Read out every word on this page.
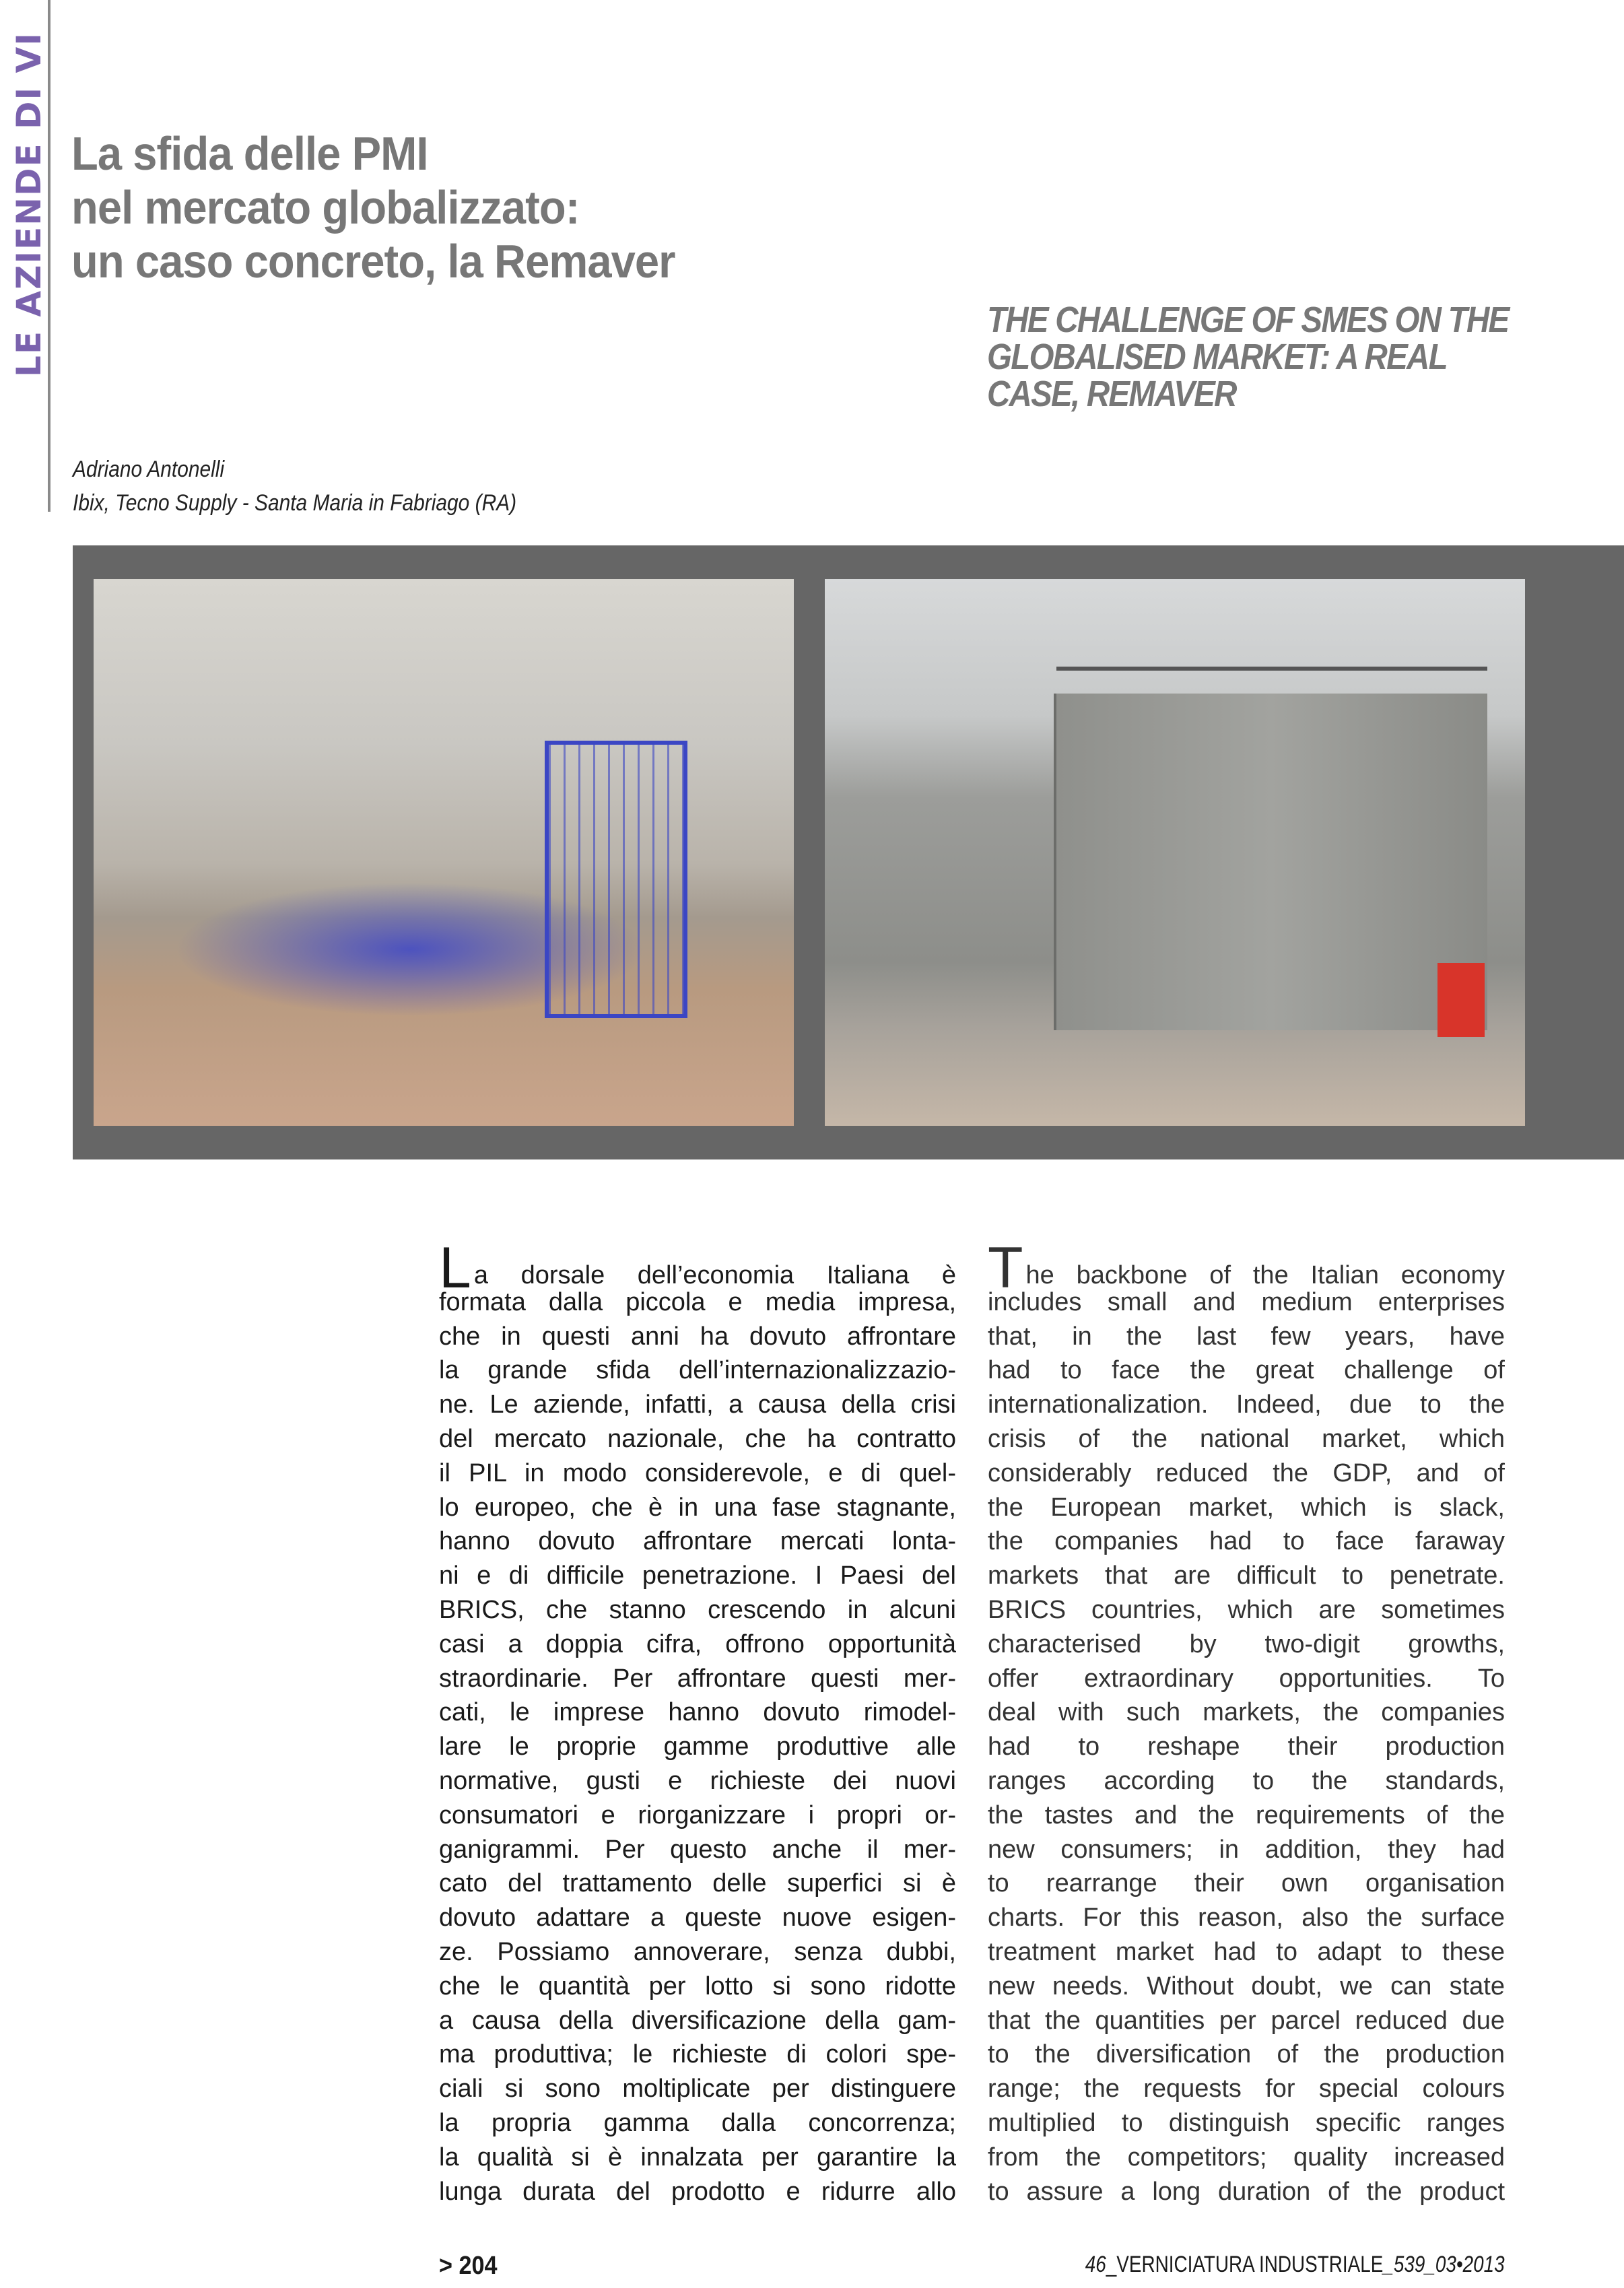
LE AZIENDE DI VI La sfida delle PMI
nel mercato globalizzato:
un caso concreto, la Remaver
THE CHALLENGE OF SMES ON THE
GLOBALISED MARKET: A REAL
CASE, REMAVER
Adriano Antonelli
Ibix, Tecno Supply - Santa Maria in Fabriago (RA)
La dorsale dell’economia Italiana è
formata dalla piccola e media impresa,
che in questi anni ha dovuto affrontare
la grande sfida dell’internazionalizzazio-
ne. Le aziende, infatti, a causa della crisi
del mercato nazionale, che ha contratto
il PIL in modo considerevole, e di quel-
lo europeo, che è in una fase stagnante,
hanno dovuto affrontare mercati lonta-
ni e di difficile penetrazione. I Paesi del
BRICS, che stanno crescendo in alcuni
casi a doppia cifra, offrono opportunità
straordinarie. Per affrontare questi mer-
cati, le imprese hanno dovuto rimodel-
lare le proprie gamme produttive alle
normative, gusti e richieste dei nuovi
consumatori e riorganizzare i propri or-
ganigrammi. Per questo anche il mer-
cato del trattamento delle superfici si è
dovuto adattare a queste nuove esigen-
ze. Possiamo annoverare, senza dubbi,
che le quantità per lotto si sono ridotte
a causa della diversificazione della gam-
ma produttiva; le richieste di colori spe-
ciali si sono moltiplicate per distinguere
la propria gamma dalla concorrenza;
la qualità si è innalzata per garantire la
lunga durata del prodotto e ridurre allo
The backbone of the Italian economy
includes small and medium enterprises
that, in the last few years, have
had to face the great challenge of
internationalization. Indeed, due to the
crisis of the national market, which
considerably reduced the GDP, and of
the European market, which is slack,
the companies had to face faraway
markets that are difficult to penetrate.
BRICS countries, which are sometimes
characterised by two-digit growths,
offer extraordinary opportunities. To
deal with such markets, the companies
had to reshape their production
ranges according to the standards,
the tastes and the requirements of the
new consumers; in addition, they had
to rearrange their own organisation
charts. For this reason, also the surface
treatment market had to adapt to these
new needs. Without doubt, we can state
that the quantities per parcel reduced due
to the diversification of the production
range; the requests for special colours
multiplied to distinguish specific ranges
from the competitors; quality increased
to assure a long duration of the product
> 204	46_VERNICIATURA INDUSTRIALE_539_03•2013
